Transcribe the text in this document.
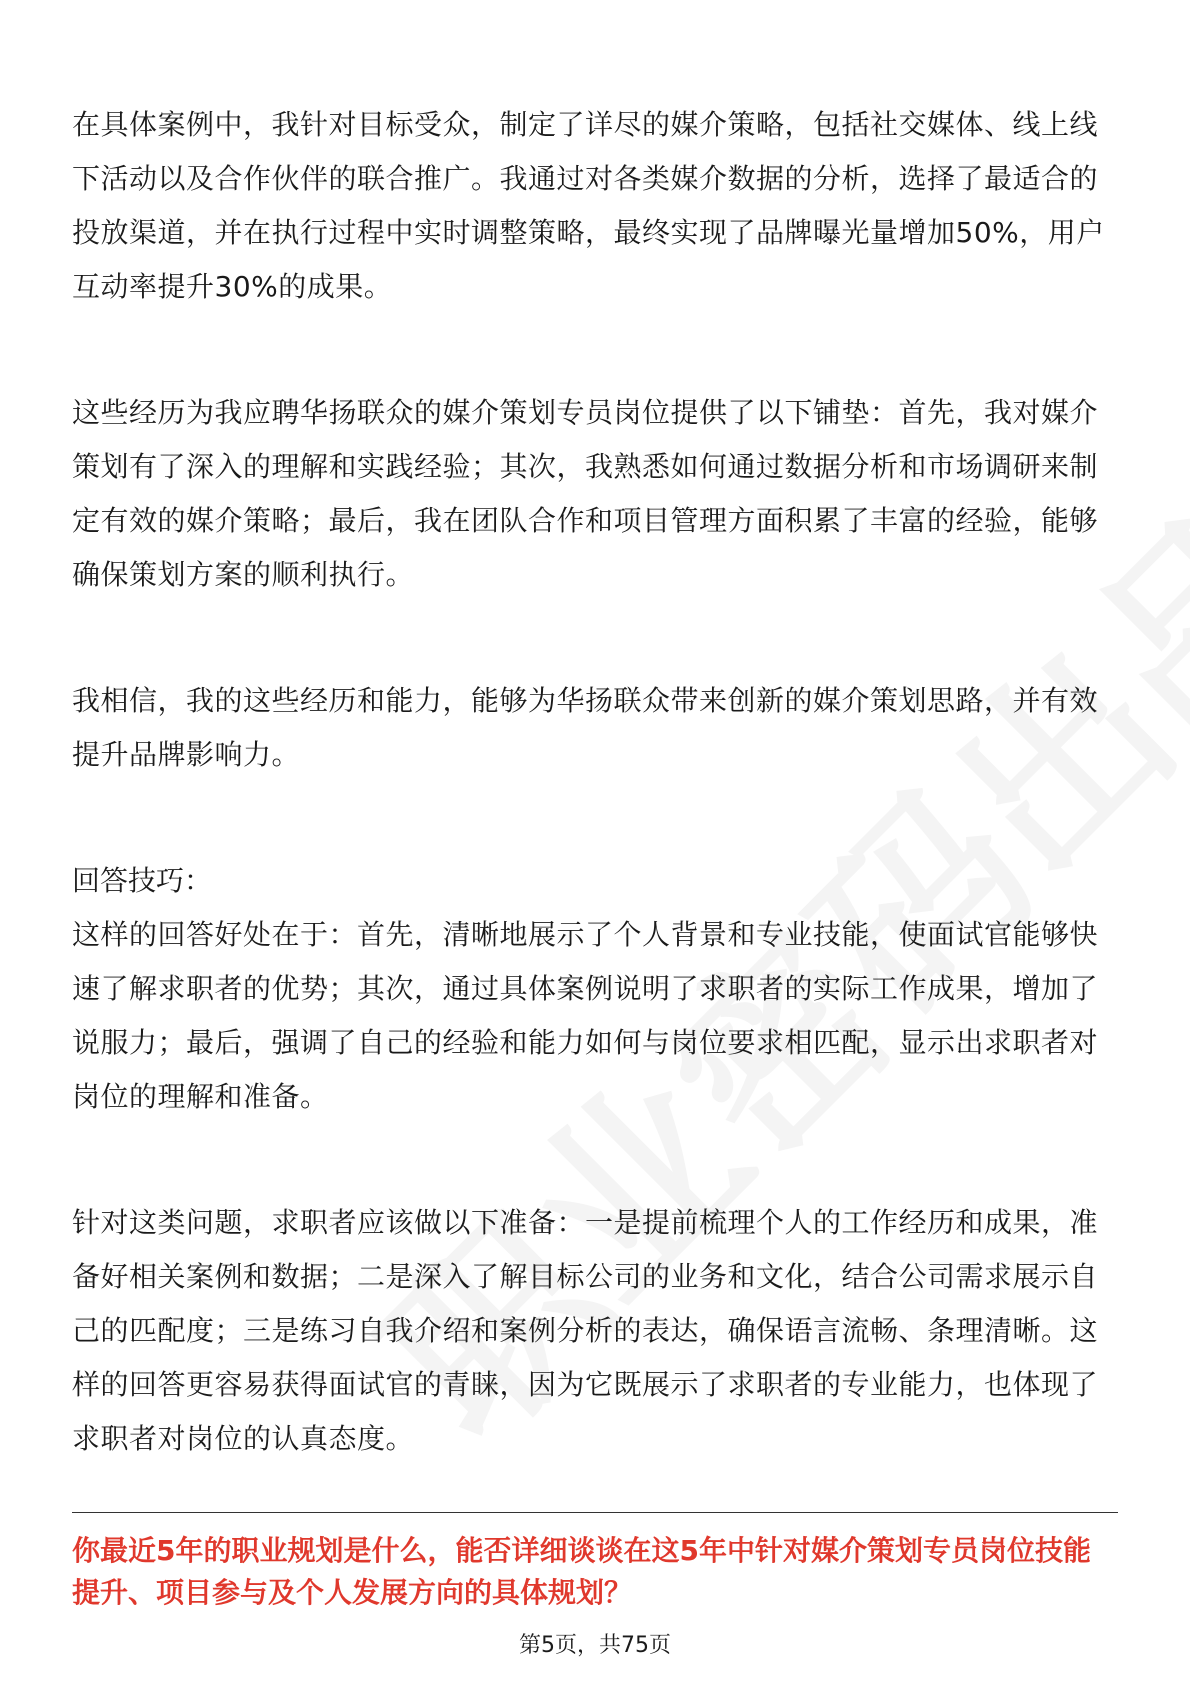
在具体案例中，我针对目标受众，制定了详尽的媒介策略，包括社交媒体、线上线下活动以及合作伙伴的联合推广。我通过对各类媒介数据的分析，选择了最适合的投放渠道，并在执行过程中实时调整策略，最终实现了品牌曝光量增加50%，用户互动率提升30%的成果。

这些经历为我应聘华扬联众的媒介策划专员岗位提供了以下铺垫：首先，我对媒介策划有了深入的理解和实践经验；其次，我熟悉如何通过数据分析和市场调研来制定有效的媒介策略；最后，我在团队合作和项目管理方面积累了丰富的经验，能够确保策划方案的顺利执行。

我相信，我的这些经历和能力，能够为华扬联众带来创新的媒介策划思路，并有效提升品牌影响力。

回答技巧：

这样的回答好处在于：首先，清晰地展示了个人背景和专业技能，使面试官能够快速了解求职者的优势；其次，通过具体案例说明了求职者的实际工作成果，增加了说服力；最后，强调了自己的经验和能力如何与岗位要求相匹配，显示出求职者对岗位的理解和准备。

针对这类问题，求职者应该做以下准备：一是提前梳理个人的工作经历和成果，准备好相关案例和数据；二是深入了解目标公司的业务和文化，结合公司需求展示自己的匹配度；三是练习自我介绍和案例分析的表达，确保语言流畅、条理清晰。这样的回答更容易获得面试官的青睐，因为它既展示了求职者的专业能力，也体现了求职者对岗位的认真态度。

你最近5年的职业规划是什么，能否详细谈谈在这5年中针对媒介策划专员岗位技能提升、项目参与及个人发展方向的具体规划？

第5页，共75页
